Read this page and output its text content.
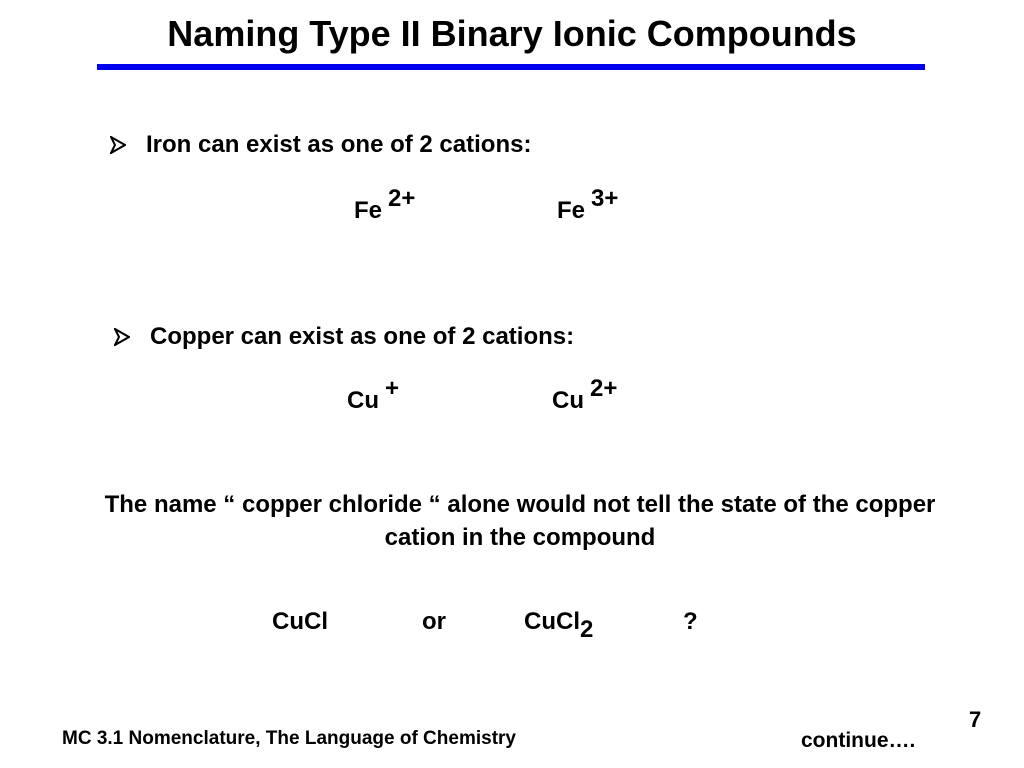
Naming Type II Binary Ionic Compounds
Iron can exist as one of 2 cations:
Fe 2+	Fe 3+
Copper can exist as one of 2 cations:
Cu +	Cu 2+
The name “ copper chloride “ alone would not tell the state of the copper cation in the compound
CuCl	or	CuCl2	?
MC 3.1 Nomenclature, The Language of Chemistry
7
continue….
